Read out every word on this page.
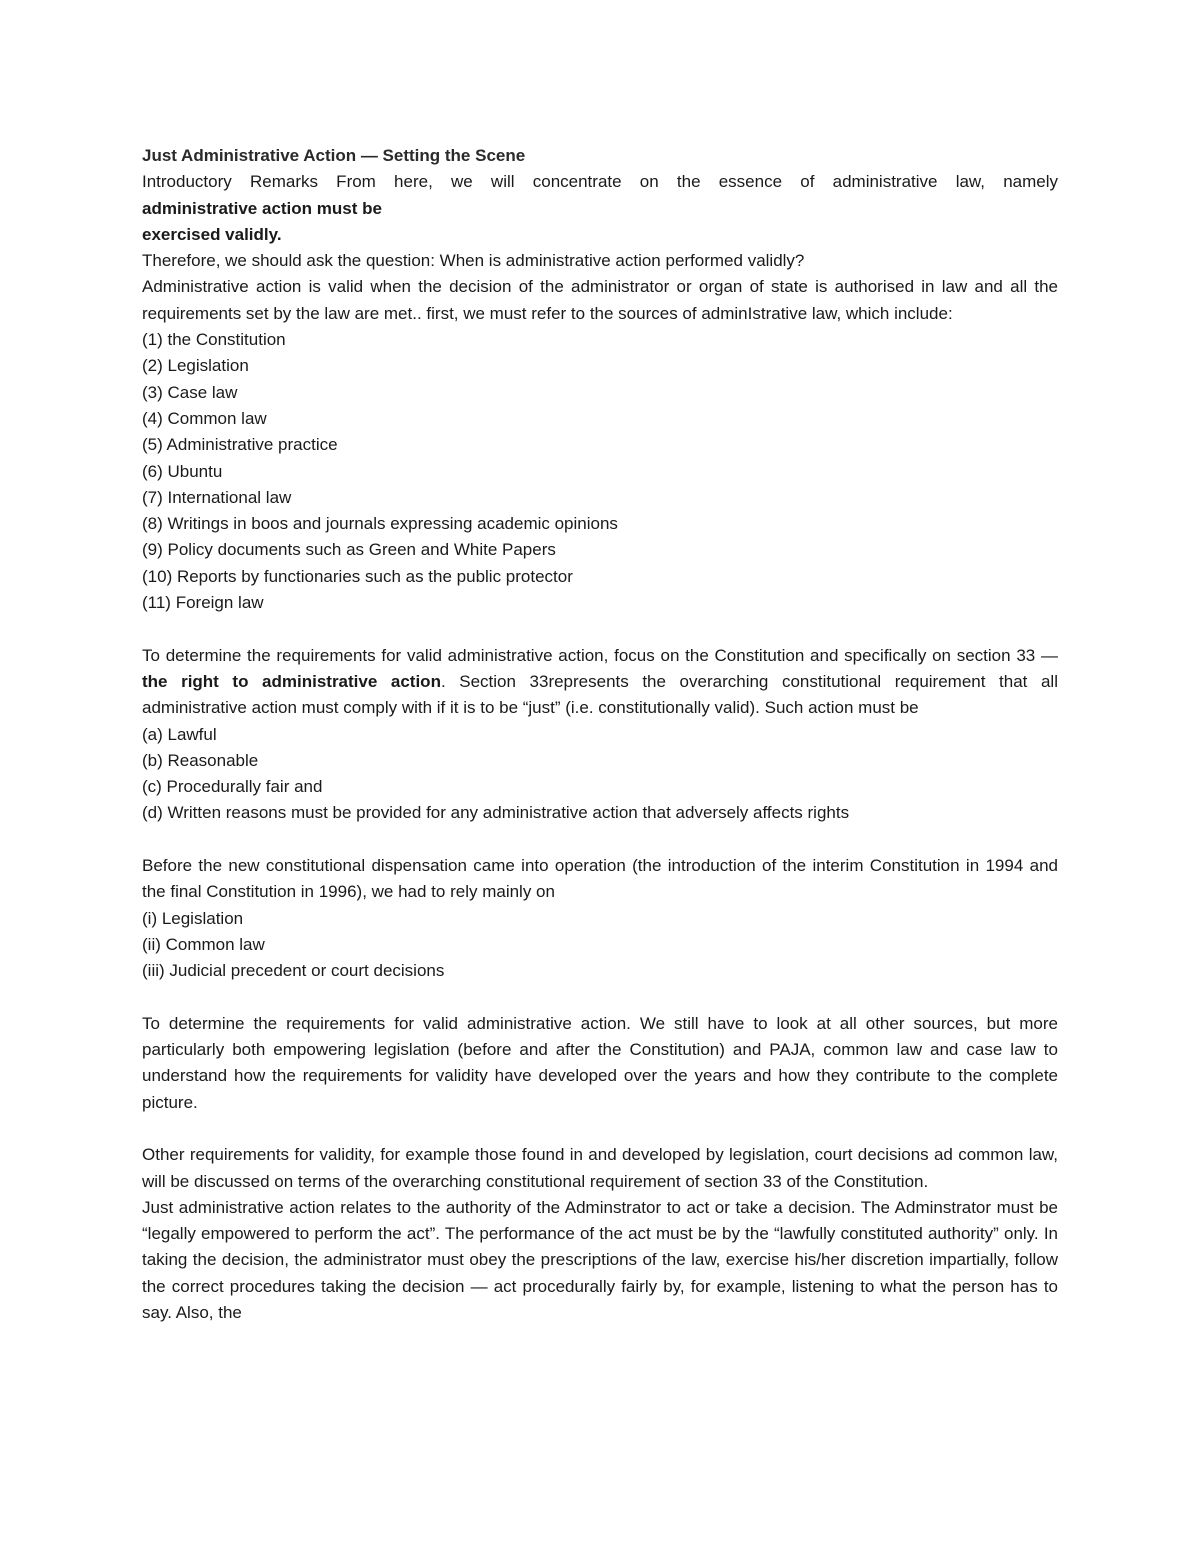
Just Administrative Action — Setting the Scene

Introductory Remarks From here, we will concentrate on the essence of administrative law, namely

administrative action must be

exercised validly.

Therefore, we should ask the question: When is administrative action performed validly?

Administrative action is valid when the decision of the administrator or organ of state is authorised in law and all the requirements set by the law are met.. first, we must refer to the sources of adminIstrative law, which include:

(1) the Constitution
(2) Legislation
(3) Case law
(4) Common law
(5) Administrative practice
(6) Ubuntu
(7) International law
(8) Writings in boos and journals expressing academic opinions
(9) Policy documents such as Green and White Papers
(10) Reports by functionaries such as the public protector
(11) Foreign law

To determine the requirements for valid administrative action, focus on the Constitution and specifically on section 33 — the right to administrative action. Section 33represents the overarching constitutional requirement that all administrative action must comply with if it is to be “just” (i.e. constitutionally valid). Such action must be

(a) Lawful
(b) Reasonable
(c) Procedurally fair and
(d) Written reasons must be provided for any administrative action that adversely affects rights

Before the new constitutional dispensation came into operation (the introduction of the interim Constitution in 1994 and the final Constitution in 1996), we had to rely mainly on

(i) Legislation
(ii) Common law
(iii) Judicial precedent or court decisions

To determine the requirements for valid administrative action. We still have to look at all other sources, but more particularly both empowering legislation (before and after the Constitution) and PAJA, common law and case law to understand how the requirements for validity have developed over the years and how they contribute to the complete picture.

Other requirements for validity, for example those found in and developed by legislation, court decisions ad common law, will be discussed on terms of the overarching constitutional requirement of section 33 of the Constitution.

Just administrative action relates to the authority of the Adminstrator to act or take a decision. The Adminstrator must be “legally empowered to perform the act”. The performance of the act must be by the “lawfully constituted authority” only. In taking the decision, the administrator must obey the prescriptions of the law, exercise his/her discretion impartially, follow the correct procedures taking the decision — act procedurally fairly by, for example, listening to what the person has to say. Also, the
